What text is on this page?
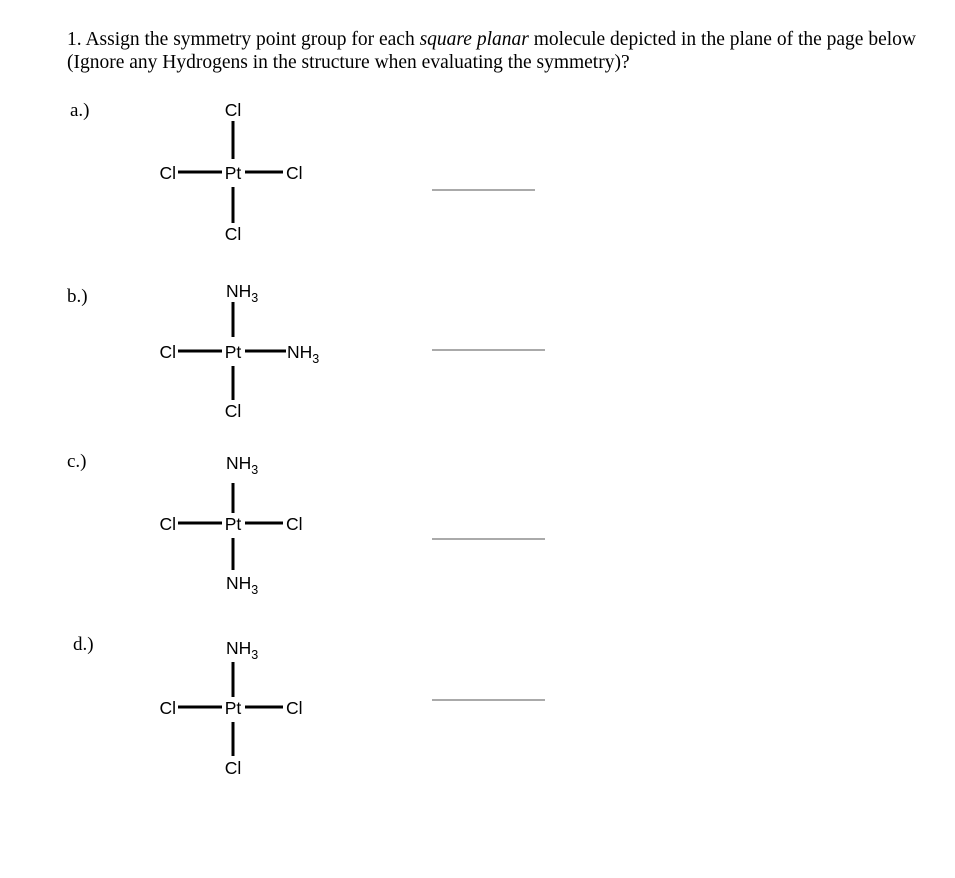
1. Assign the symmetry point group for each square planar molecule depicted in the plane of the page below (Ignore any Hydrogens in the structure when evaluating the symmetry)?
a.)
b.)
c.)
d.)
Cl
Cl	Pt	Cl
Cl
$NH_3$
Cl	Pt	$NH_3$
Cl
$NH_3$
Cl	Pt	Cl
$NH_3$
$NH_3$
Cl	Pt	Cl
Cl
